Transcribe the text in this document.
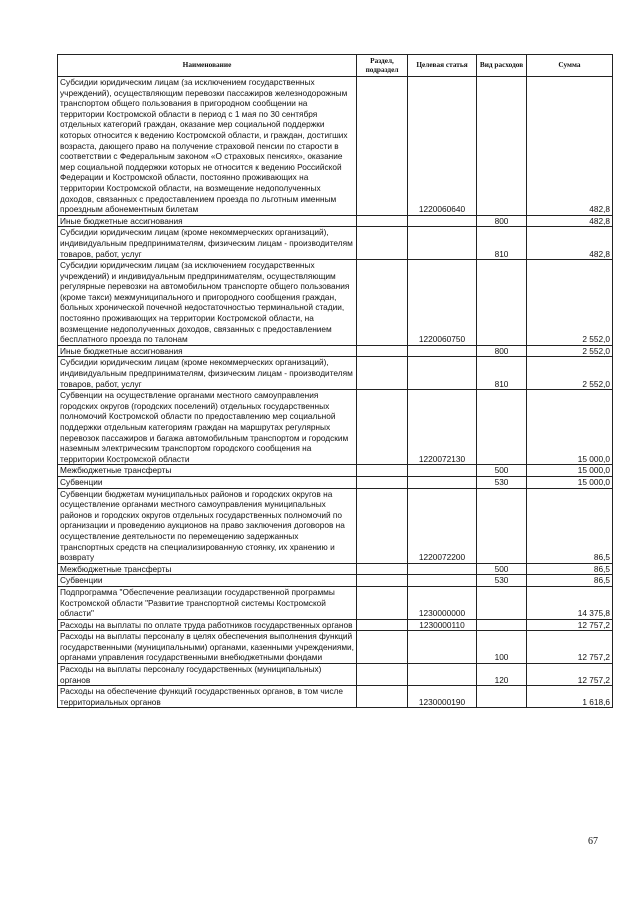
Наименование	Раздел, подраздел	Целевая статья	Вид расходов	Сумма
Субсидии юридическим лицам (за исключением государственных учреждений), осуществляющим перевозки пассажиров железнодорожным транспортом общего пользования в пригородном сообщении на территории Костромской области в период с 1 мая по 30 сентября отдельных категорий граждан, оказание мер социальной поддержки которых относится к ведению Костромской области, и граждан, достигших возраста, дающего право на получение страховой пенсии по старости в соответствии с Федеральным законом «О страховых пенсиях», оказание мер социальной поддержки которых не относится к ведению Российской Федерации и Костромской области, постоянно проживающих на территории Костромской области, на возмещение недополученных доходов, связанных с предоставлением проезда по льготным именным проездным абонементным билетам		1220060640		482,8
Иные бюджетные ассигнования			800	482,8
Субсидии юридическим лицам (кроме некоммерческих организаций), индивидуальным предпринимателям, физическим лицам - производителям товаров, работ, услуг			810	482,8
Субсидии юридическим лицам (за исключением государственных учреждений) и индивидуальным предпринимателям, осуществляющим регулярные перевозки на автомобильном транспорте общего пользования (кроме такси) межмуниципального и пригородного сообщения граждан, больных хронической почечной недостаточностью терминальной стадии, постоянно проживающих на территории Костромской области, на возмещение недополученных доходов, связанных с предоставлением бесплатного проезда по талонам		1220060750		2 552,0
Иные бюджетные ассигнования			800	2 552,0
Субсидии юридическим лицам (кроме некоммерческих организаций), индивидуальным предпринимателям, физическим лицам - производителям товаров, работ, услуг			810	2 552,0
Субвенции на осуществление органами местного самоуправления городских округов (городских поселений) отдельных государственных полномочий Костромской области по предоставлению мер социальной поддержки отдельным категориям граждан на маршрутах регулярных перевозок пассажиров и багажа автомобильным транспортом и городским наземным электрическим транспортом городского сообщения на территории Костромской области		1220072130		15 000,0
Межбюджетные трансферты			500	15 000,0
Субвенции			530	15 000,0
Субвенции бюджетам муниципальных районов и городских округов на осуществление органами местного самоуправления муниципальных районов и городских округов отдельных государственных полномочий по организации и проведению аукционов на право заключения договоров на осуществление деятельности по перемещению задержанных транспортных средств на специализированную стоянку, их хранению и возврату		1220072200		86,5
Межбюджетные трансферты			500	86,5
Субвенции			530	86,5
Подпрограмма "Обеспечение реализации государственной программы Костромской области "Развитие транспортной системы Костромской области"		1230000000		14 375,8
Расходы на выплаты по оплате труда работников государственных органов		1230000110		12 757,2
Расходы на выплаты персоналу в целях обеспечения выполнения функций государственными (муниципальными) органами, казенными учреждениями, органами управления государственными внебюджетными фондами			100	12 757,2
Расходы на выплаты персоналу государственных (муниципальных) органов			120	12 757,2
Расходы на обеспечение функций государственных органов, в том числе территориальных органов		1230000190		1 618,6
67
